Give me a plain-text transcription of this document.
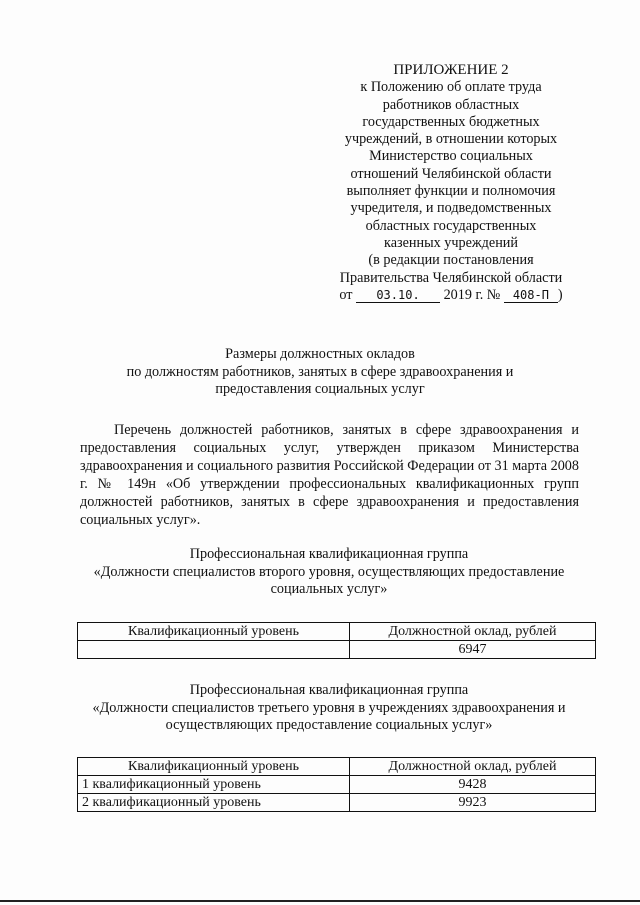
ПРИЛОЖЕНИЕ 2
к Положению об оплате труда
работников областных
государственных бюджетных
учреждений, в отношении которых
Министерство социальных
отношений Челябинской области
выполняет функции и полномочия
учредителя, и подведомственных
областных государственных
казенных учреждений
(в редакции постановления
Правительства Челябинской области
от 03.10. 2019 г. № 408-П )
Размеры должностных окладов
по должностям работников, занятых в сфере здравоохранения и
предоставления социальных услуг
Перечень должностей работников, занятых в сфере здравоохранения и предоставления социальных услуг, утвержден приказом Министерства здравоохранения и социального развития Российской Федерации от 31 марта 2008 г. № 149н «Об утверждении профессиональных квалификационных групп должностей работников, занятых в сфере здравоохранения и предоставления социальных услуг».
Профессиональная квалификационная группа
«Должности специалистов второго уровня, осуществляющих предоставление
социальных услуг»
Квалификационный уровень	Должностной оклад, рублей
	6947
Профессиональная квалификационная группа
«Должности специалистов третьего уровня в учреждениях здравоохранения и
осуществляющих предоставление социальных услуг»
Квалификационный уровень	Должностной оклад, рублей
1 квалификационный уровень	9428
2 квалификационный уровень	9923
